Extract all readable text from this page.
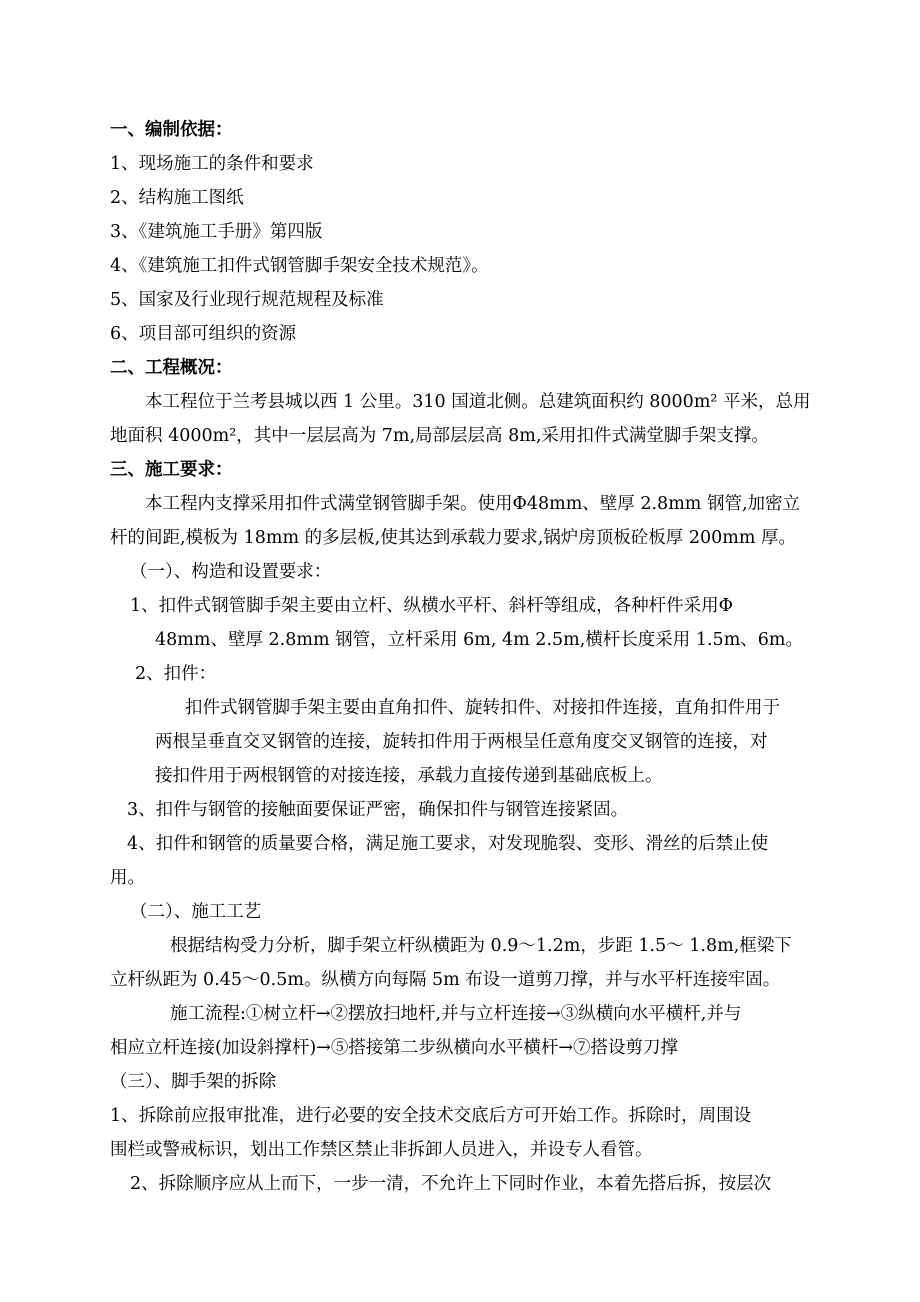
一、编制依据：
1、现场施工的条件和要求
2、结构施工图纸
3、《建筑施工手册》第四版
4、《建筑施工扣件式钢管脚手架安全技术规范》。
5、国家及行业现行规范规程及标准
6、项目部可组织的资源
二、工程概况：
本工程位于兰考县城以西 1 公里。310 国道北侧。总建筑面积约 8000m² 平米，总用
地面积 4000m²，其中一层层高为 7m,局部层层高 8m,采用扣件式满堂脚手架支撑。
三、施工要求：
本工程内支撑采用扣件式满堂钢管脚手架。使用Φ48mm、壁厚 2.8mm 钢管,加密立
杆的间距,模板为 18mm 的多层板,使其达到承载力要求,锅炉房顶板砼板厚 200mm 厚。
（一）、构造和设置要求：
1、扣件式钢管脚手架主要由立杆、纵横水平杆、斜杆等组成，各种杆件采用Φ
48mm、壁厚 2.8mm 钢管，立杆采用 6m, 4m 2.5m,横杆长度采用 1.5m、6m。
2、扣件：
扣件式钢管脚手架主要由直角扣件、旋转扣件、对接扣件连接，直角扣件用于
两根呈垂直交叉钢管的连接，旋转扣件用于两根呈任意角度交叉钢管的连接，对
接扣件用于两根钢管的对接连接，承载力直接传递到基础底板上。
3、扣件与钢管的接触面要保证严密，确保扣件与钢管连接紧固。
4、扣件和钢管的质量要合格，满足施工要求，对发现脆裂、变形、滑丝的后禁止使
用。
（二）、施工工艺
根据结构受力分析，脚手架立杆纵横距为 0.9～1.2m，步距 1.5～ 1.8m,框梁下
立杆纵距为 0.45～0.5m。纵横方向每隔 5m 布设一道剪刀撑，并与水平杆连接牢固。
施工流程:①树立杆→②摆放扫地杆,并与立杆连接→③纵横向水平横杆,并与
相应立杆连接(加设斜撑杆)→⑤搭接第二步纵横向水平横杆→⑦搭设剪刀撑
（三）、脚手架的拆除
1、拆除前应报审批准，进行必要的安全技术交底后方可开始工作。拆除时，周围设
围栏或警戒标识，划出工作禁区禁止非拆卸人员进入，并设专人看管。
2、拆除顺序应从上而下，一步一清，不允许上下同时作业，本着先搭后拆，按层次
